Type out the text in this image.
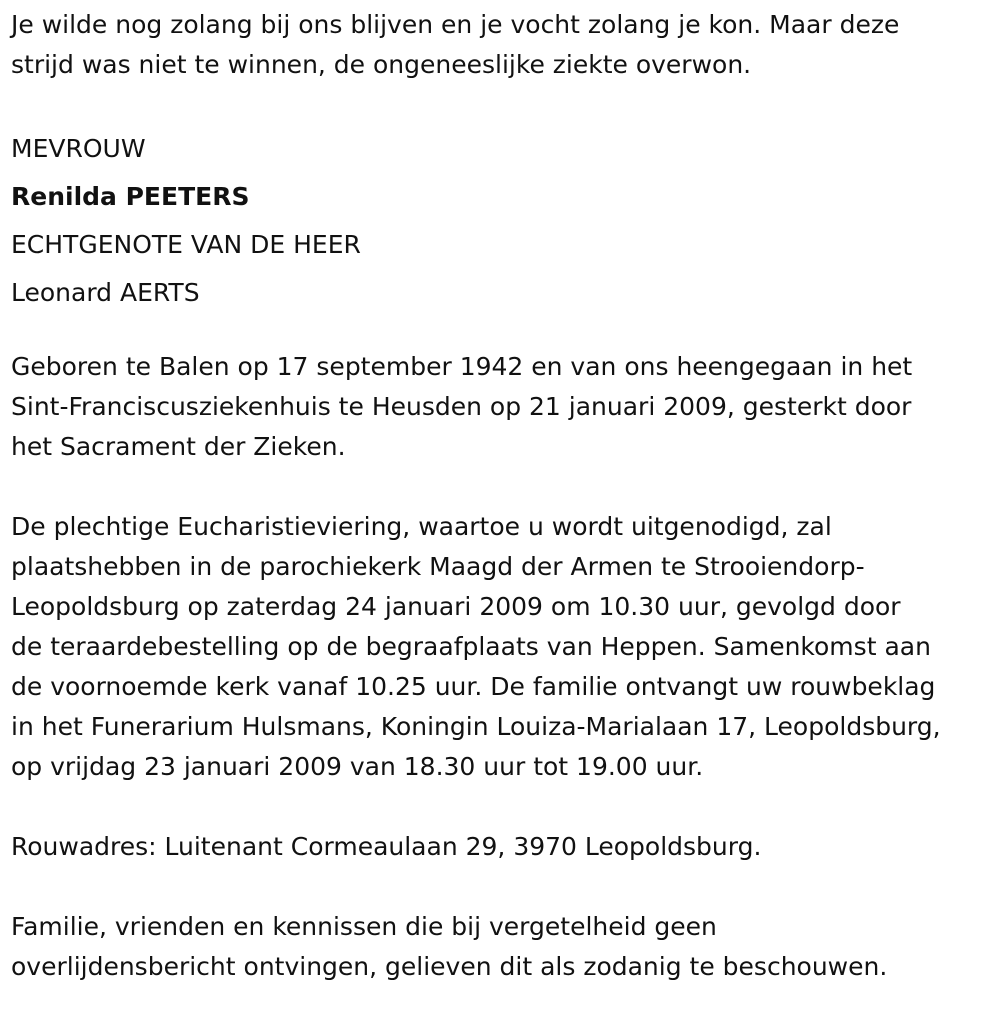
Je wilde nog zolang bij ons blijven en je vocht zolang je kon. Maar deze
strijd was niet te winnen, de ongeneeslijke ziekte overwon.
MEVROUW
Renilda PEETERS
ECHTGENOTE VAN DE HEER
Leonard AERTS
Geboren te Balen op 17 september 1942 en van ons heengegaan in het
Sint-Franciscusziekenhuis te Heusden op 21 januari 2009, gesterkt door
het Sacrament der Zieken.
De plechtige Eucharistieviering, waartoe u wordt uitgenodigd, zal
plaatshebben in de parochiekerk Maagd der Armen te Strooiendorp-
Leopoldsburg op zaterdag 24 januari 2009 om 10.30 uur, gevolgd door
de teraardebestelling op de begraafplaats van Heppen. Samenkomst aan
de voornoemde kerk vanaf 10.25 uur. De familie ontvangt uw rouwbeklag
in het Funerarium Hulsmans, Koningin Louiza-Marialaan 17, Leopoldsburg,
op vrijdag 23 januari 2009 van 18.30 uur tot 19.00 uur.
Rouwadres: Luitenant Cormeaulaan 29, 3970 Leopoldsburg.
Familie, vrienden en kennissen die bij vergetelheid geen
overlijdensbericht ontvingen, gelieven dit als zodanig te beschouwen.
